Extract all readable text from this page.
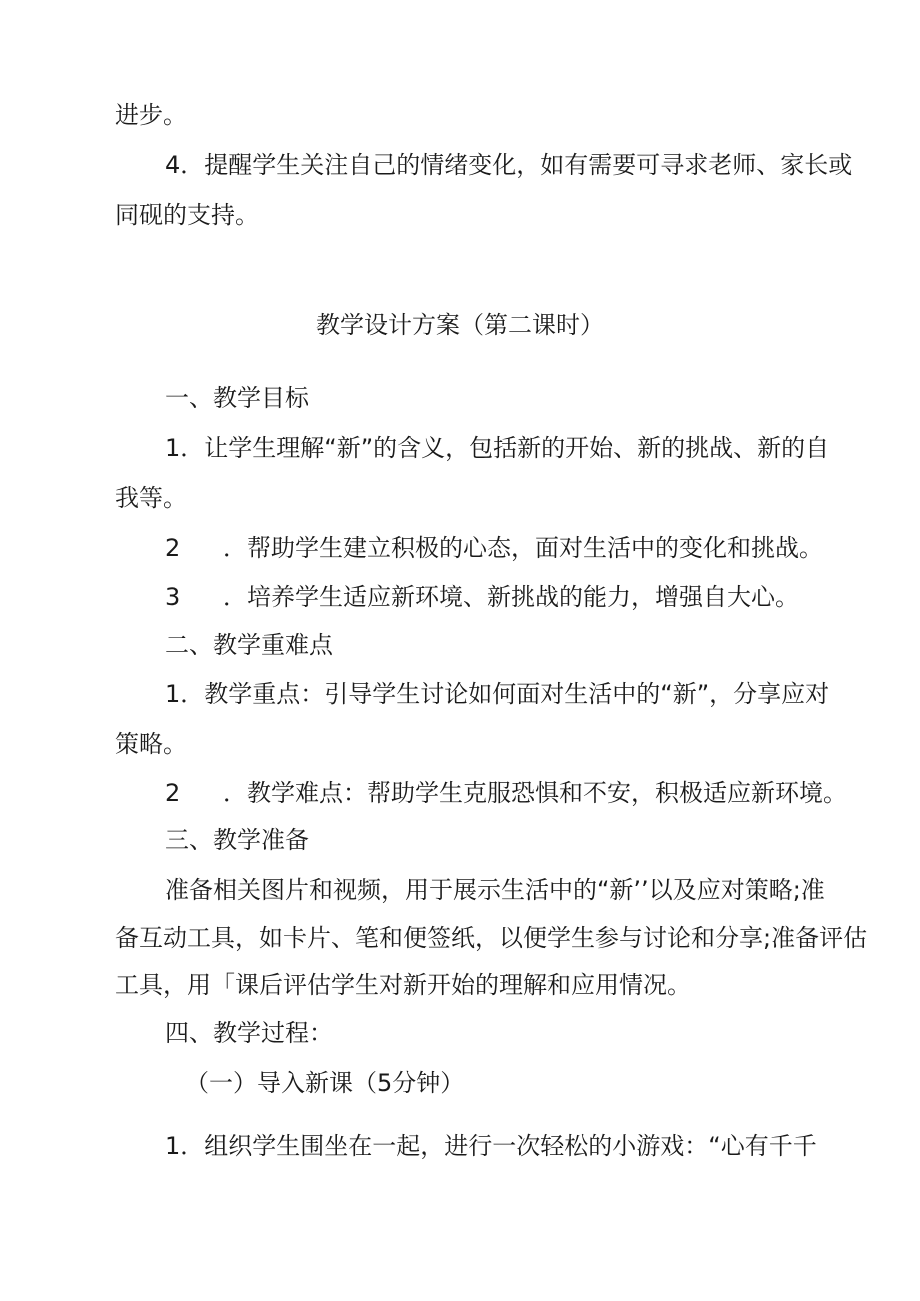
进步。

4．提醒学生关注自己的情绪变化，如有需要可寻求老师、家长或

同砚的支持。

教学设计方案（第二课时）

一、教学目标

1．让学生理解“新”的含义，包括新的开始、新的挑战、新的自

我等。

2 ．帮助学生建立积极的心态，面对生活中的变化和挑战。

3 ．培养学生适应新环境、新挑战的能力，增强自大心。

二、教学重难点

1．教学重点：引导学生讨论如何面对生活中的“新”，分享应对

策略。

2 ．教学难点：帮助学生克服恐惧和不安，积极适应新环境。

三、教学准备

准备相关图片和视频，用于展示生活中的“新’’以及应对策略;准

备互动工具，如卡片、笔和便签纸，以便学生参与讨论和分享;准备评估

工具，用「课后评估学生对新开始的理解和应用情况。

四、教学过程：

（一）导入新课（5分钟）

1．组织学生围坐在一起，进行一次轻松的小游戏：“心有千千
